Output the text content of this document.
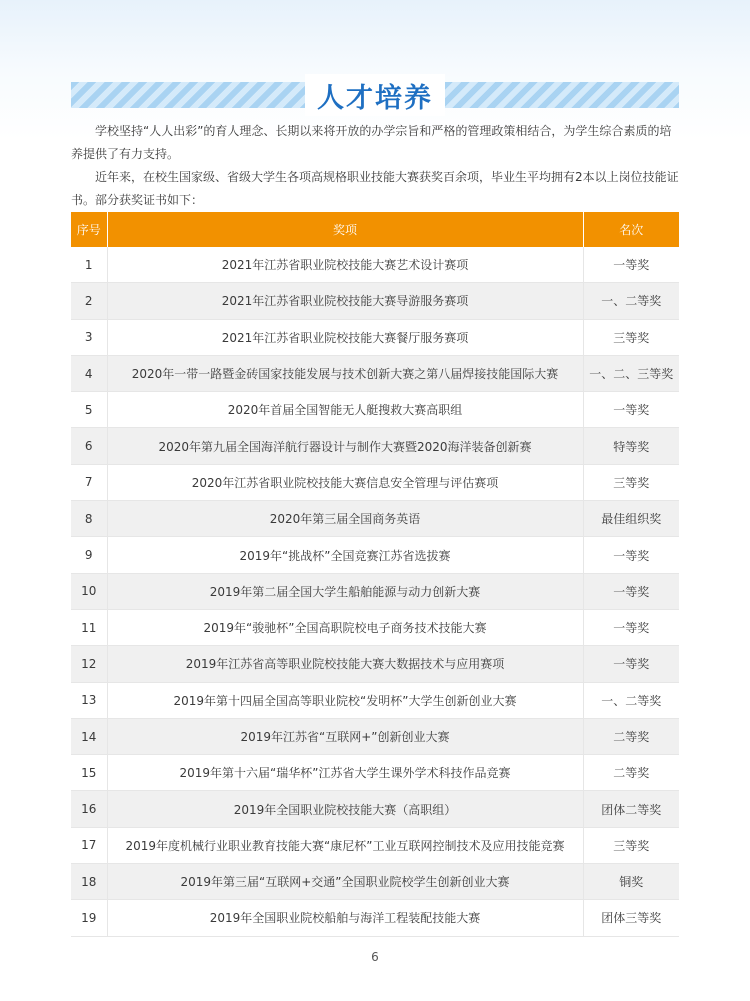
人才培养

学校坚持“人人出彩”的育人理念、长期以来将开放的办学宗旨和严格的管理政策相结合，为学生综合素质的培养提供了有力支持。

近年来，在校生国家级、省级大学生各项高规格职业技能大赛获奖百余项，毕业生平均拥有2本以上岗位技能证书。部分获奖证书如下：

序号	奖项	名次
1	2021年江苏省职业院校技能大赛艺术设计赛项	一等奖
2	2021年江苏省职业院校技能大赛导游服务赛项	一、二等奖
3	2021年江苏省职业院校技能大赛餐厅服务赛项	三等奖
4	2020年一带一路暨金砖国家技能发展与技术创新大赛之第八届焊接技能国际大赛	一、二、三等奖
5	2020年首届全国智能无人艇搜救大赛高职组	一等奖
6	2020年第九届全国海洋航行器设计与制作大赛暨2020海洋装备创新赛	特等奖
7	2020年江苏省职业院校技能大赛信息安全管理与评估赛项	三等奖
8	2020年第三届全国商务英语	最佳组织奖
9	2019年“挑战杯”全国竞赛江苏省选拔赛	一等奖
10	2019年第二届全国大学生船舶能源与动力创新大赛	一等奖
11	2019年“骏驰杯”全国高职院校电子商务技术技能大赛	一等奖
12	2019年江苏省高等职业院校技能大赛大数据技术与应用赛项	一等奖
13	2019年第十四届全国高等职业院校“发明杯”大学生创新创业大赛	一、二等奖
14	2019年江苏省“互联网+”创新创业大赛	二等奖
15	2019年第十六届“瑞华杯”江苏省大学生课外学术科技作品竞赛	二等奖
16	2019年全国职业院校技能大赛（高职组）	团体二等奖
17	2019年度机械行业职业教育技能大赛“康尼杯”工业互联网控制技术及应用技能竞赛	三等奖
18	2019年第三届“互联网+交通”全国职业院校学生创新创业大赛	铜奖
19	2019年全国职业院校船舶与海洋工程装配技能大赛	团体三等奖
6
